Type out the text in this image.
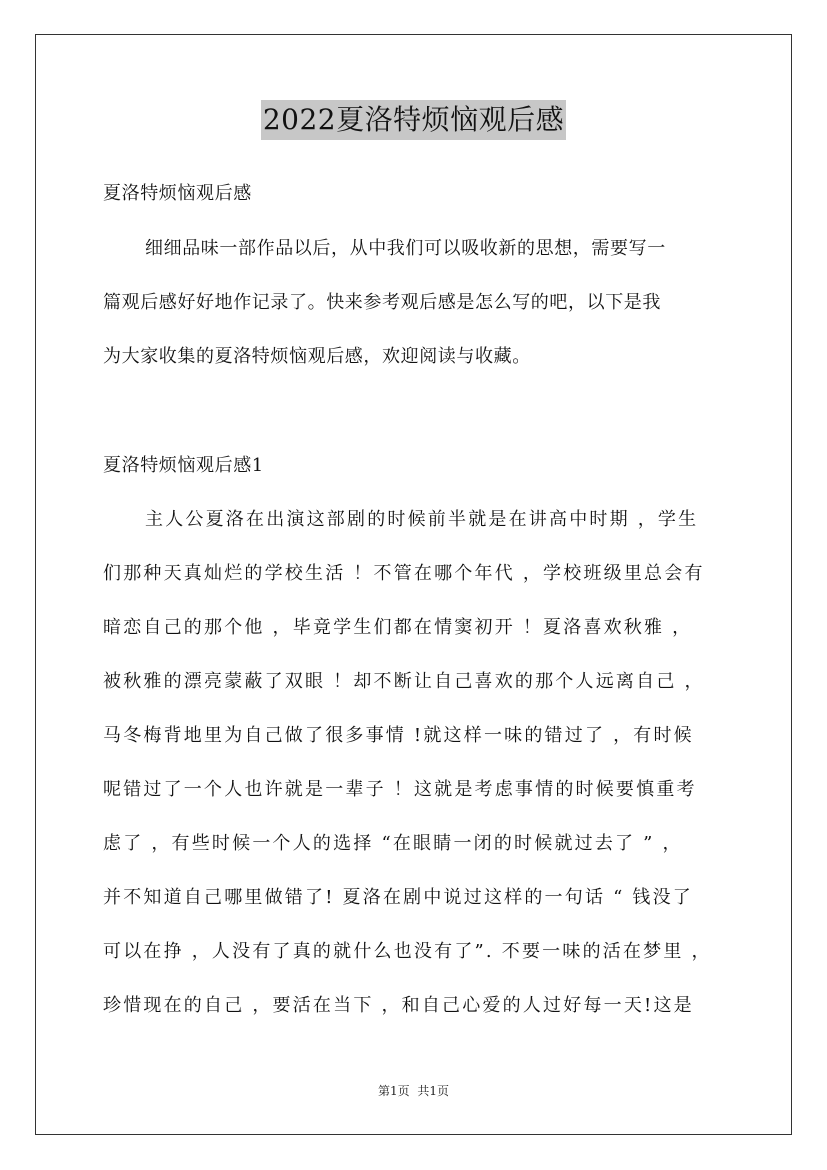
2022夏洛特烦恼观后感
夏洛特烦恼观后感
细细品味一部作品以后，从中我们可以吸收新的思想，需要写一
篇观后感好好地作记录了。快来参考观后感是怎么写的吧，以下是我
为大家收集的夏洛特烦恼观后感，欢迎阅读与收藏。
夏洛特烦恼观后感1
主人公夏洛在出演这部剧的时候前半就是在讲高中时期 ，学生
们那种天真灿烂的学校生活 ！不管在哪个年代 ，学校班级里总会有
暗恋自己的那个他 ，毕竟学生们都在情窦初开 ！夏洛喜欢秋雅 ，
被秋雅的漂亮蒙蔽了双眼 ！却不断让自己喜欢的那个人远离自己 ，
马冬梅背地里为自己做了很多事情 !就这样一味的错过了 ，有时候
呢错过了一个人也许就是一辈子 ！这就是考虑事情的时候要慎重考
虑了 ，有些时候一个人的选择 “在眼睛一闭的时候就过去了 ” ，
并不知道自己哪里做错了! 夏洛在剧中说过这样的一句话 “ 钱没了
可以在挣 ，人没有了真的就什么也没有了”. 不要一味的活在梦里 ，
珍惜现在的自己 ，要活在当下 ，和自己心爱的人过好每一天!这是
第1页 共1页
